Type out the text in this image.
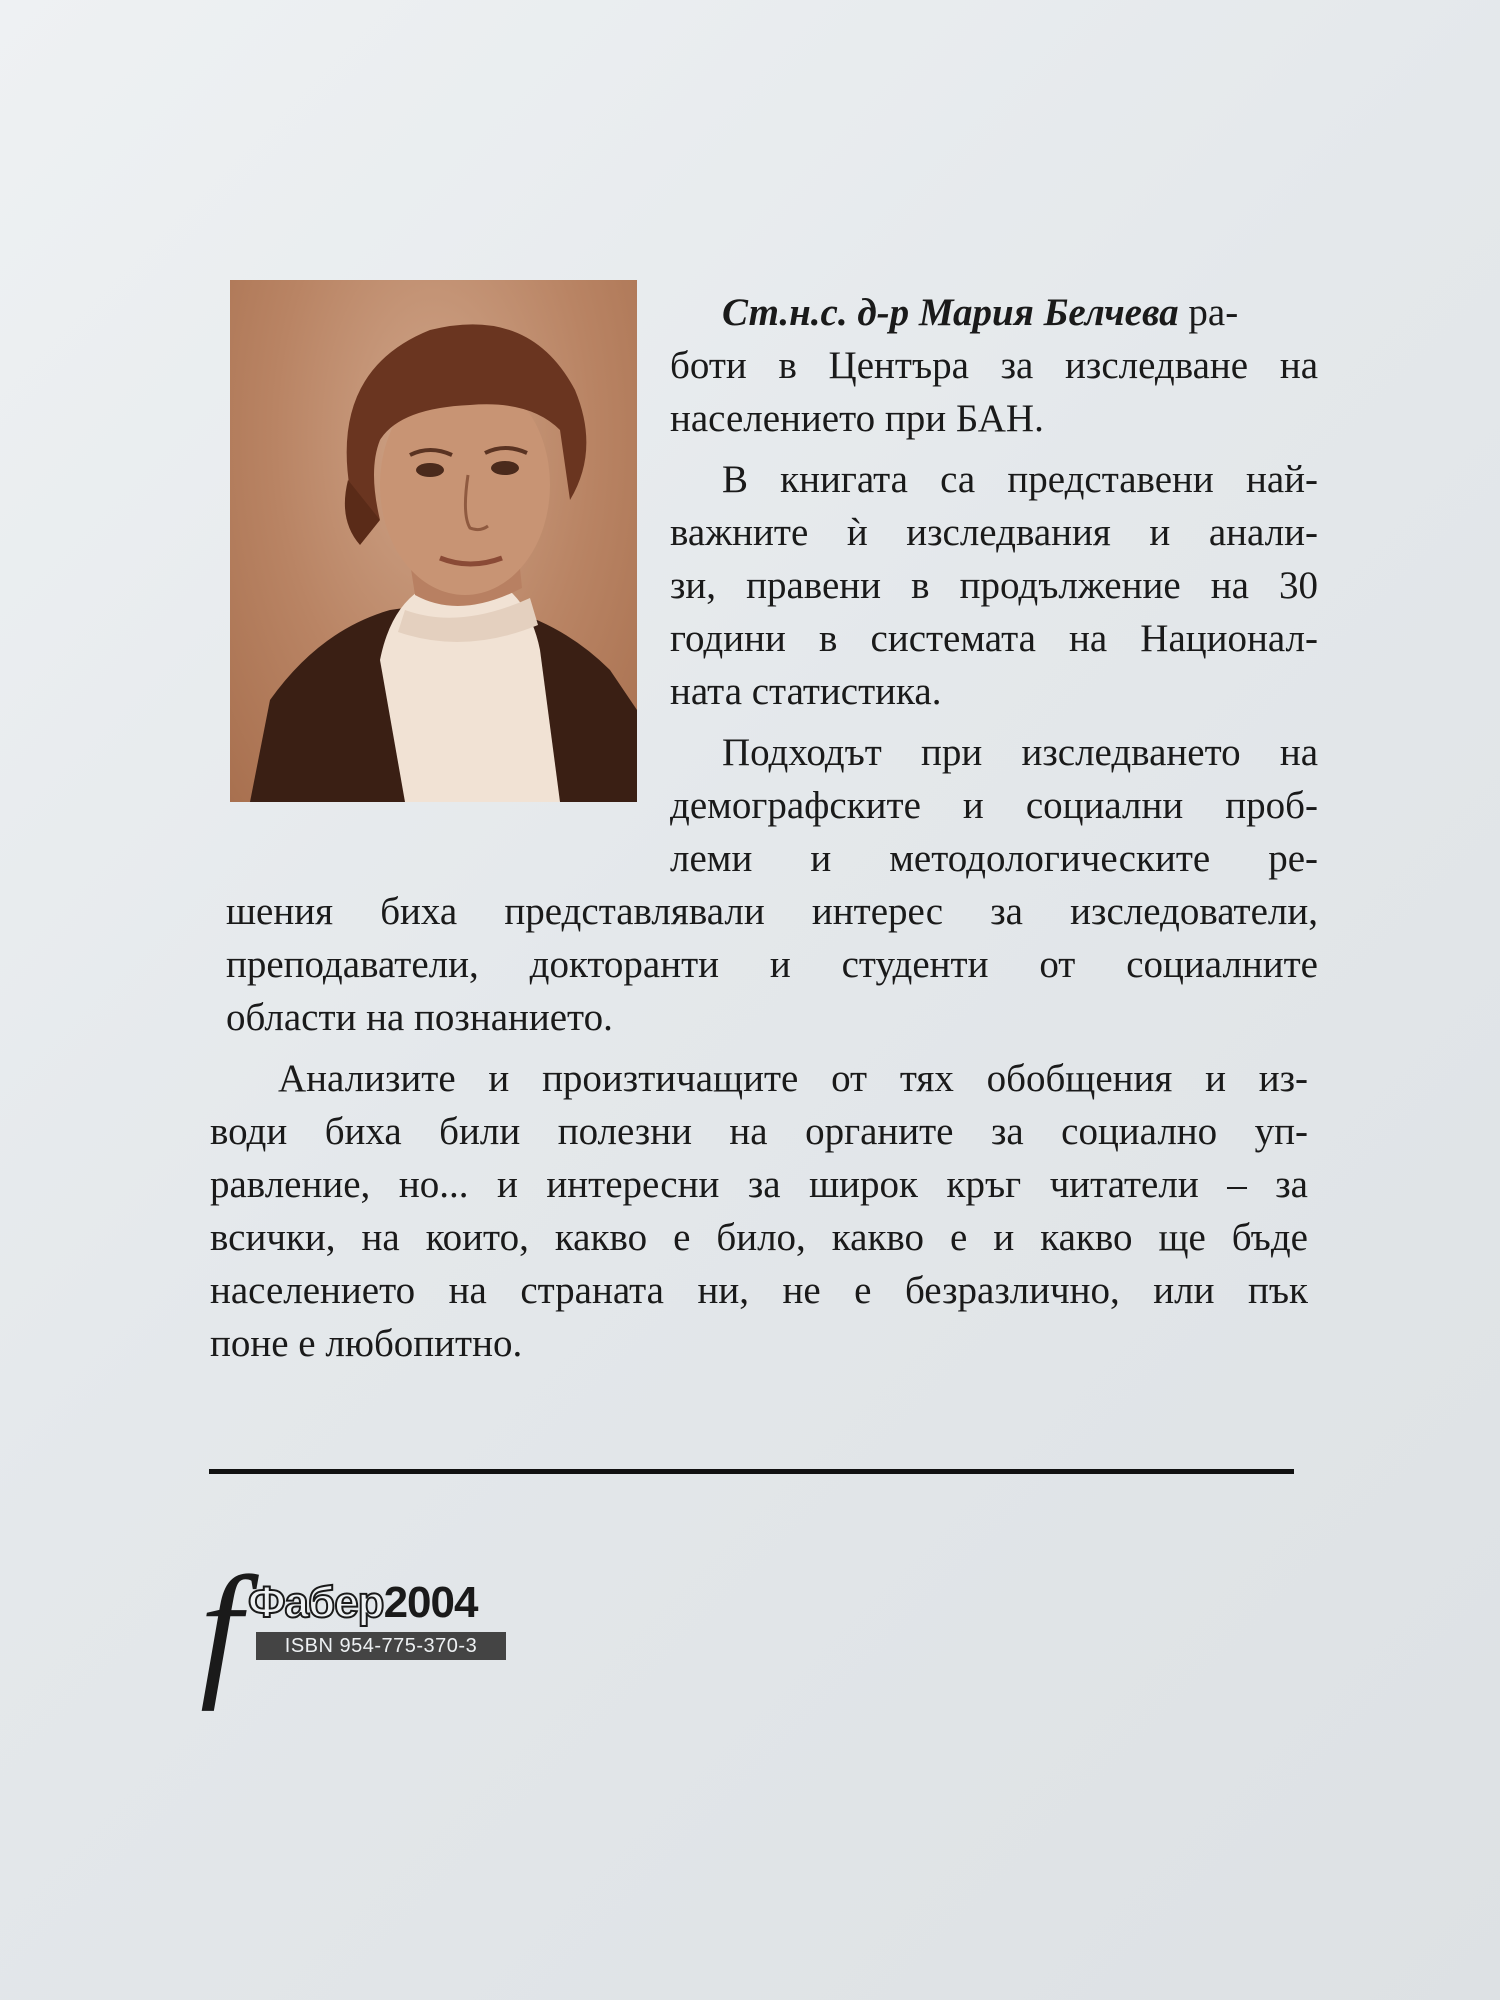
Ст.н.с. д-р Мария Белчева ра-
боти в Центъра за изследване на
населението при БАН.
В книгата са представени най-
важните ѝ изследвания и анали-
зи, правени в продължение на 30
години в системата на Национал-
ната статистика.
Подходът при изследването на
демографските и социални проб-
леми и методологическите ре-
шения биха представлявали интерес за изследователи,
преподаватели, докторанти и студенти от социалните
области на познанието.
Анализите и произтичащите от тях обобщения и из-
води биха били полезни на органите за социално уп-
равление, но... и интересни за широк кръг читатели – за
всички, на които, какво е било, какво е и какво ще бъде
населението на страната ни, не е безразлично, или пък
поне е любопитно.
f Фабер2004
ISBN 954-775-370-3
